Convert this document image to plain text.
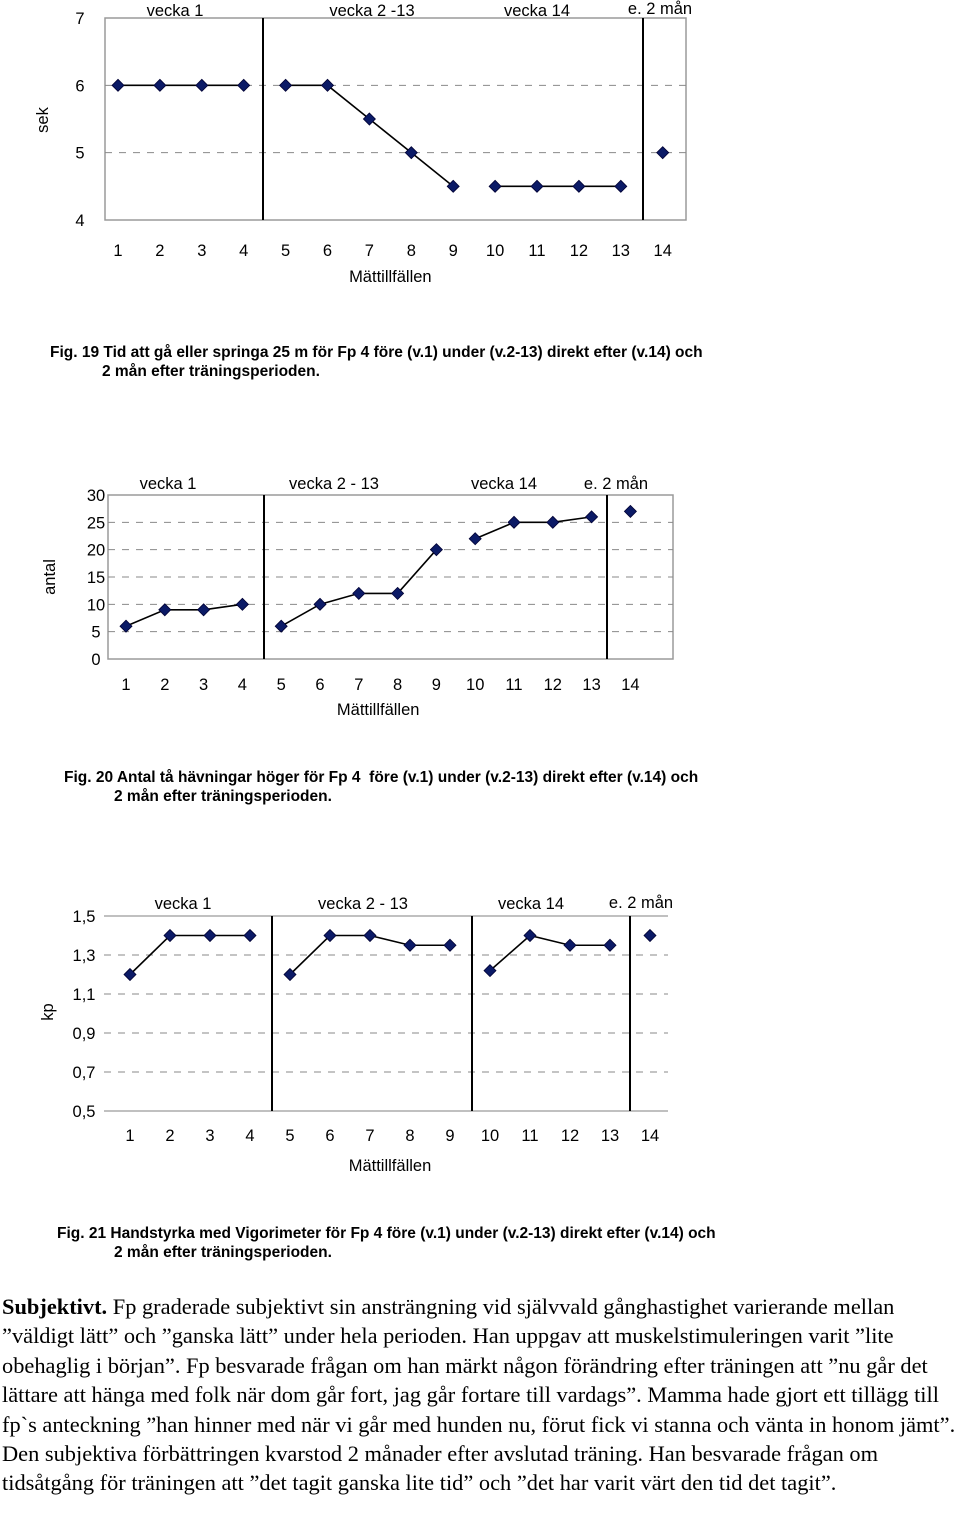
4
5
6
7
sek
vecka 1	vecka 2 -13	vecka 14	e. 2 mån
1 2 3 4 5 6 7 8 9 10 11 12 13 14
Mättillfällen
Fig. 19 Tid att gå eller springa 25 m för Fp 4 före (v.1) under (v.2-13) direkt efter (v.14) och
2 mån efter träningsperioden.
0
5
10
15
20
25
30
antal
vecka 1	vecka 2 - 13	vecka 14	e. 2 mån
1 2 3 4 5 6 7 8 9 10 11 12 13 14
Mättillfällen
Fig. 20 Antal tå hävningar höger för Fp 4  före (v.1) under (v.2-13) direkt efter (v.14) och
2 mån efter träningsperioden.
0,5
0,7
0,9
1,1
1,3
1,5
kp
vecka 1	vecka 2 - 13	vecka 14	e. 2 mån
1 2 3 4 5 6 7 8 9 10 11 12 13 14
Mättillfällen
Fig. 21 Handstyrka med Vigorimeter för Fp 4 före (v.1) under (v.2-13) direkt efter (v.14) och
2 mån efter träningsperioden.
Subjektivt. Fp graderade subjektivt sin ansträngning vid självvald gånghastighet varierande mellan ”väldigt lätt” och ”ganska lätt” under hela perioden. Han uppgav att muskelstimuleringen varit ”lite obehaglig i början”. Fp besvarade frågan om han märkt någon förändring efter träningen att ”nu går det lättare att hänga med folk när dom går fort, jag går fortare till vardags”. Mamma hade gjort ett tillägg till fp`s anteckning ”han hinner med när vi går med hunden nu, förut fick vi stanna och vänta in honom jämt”. Den subjektiva förbättringen kvarstod 2 månader efter avslutad träning. Han besvarade frågan om tidsåtgång för träningen att ”det tagit ganska lite tid” och ”det har varit värt den tid det tagit”.
